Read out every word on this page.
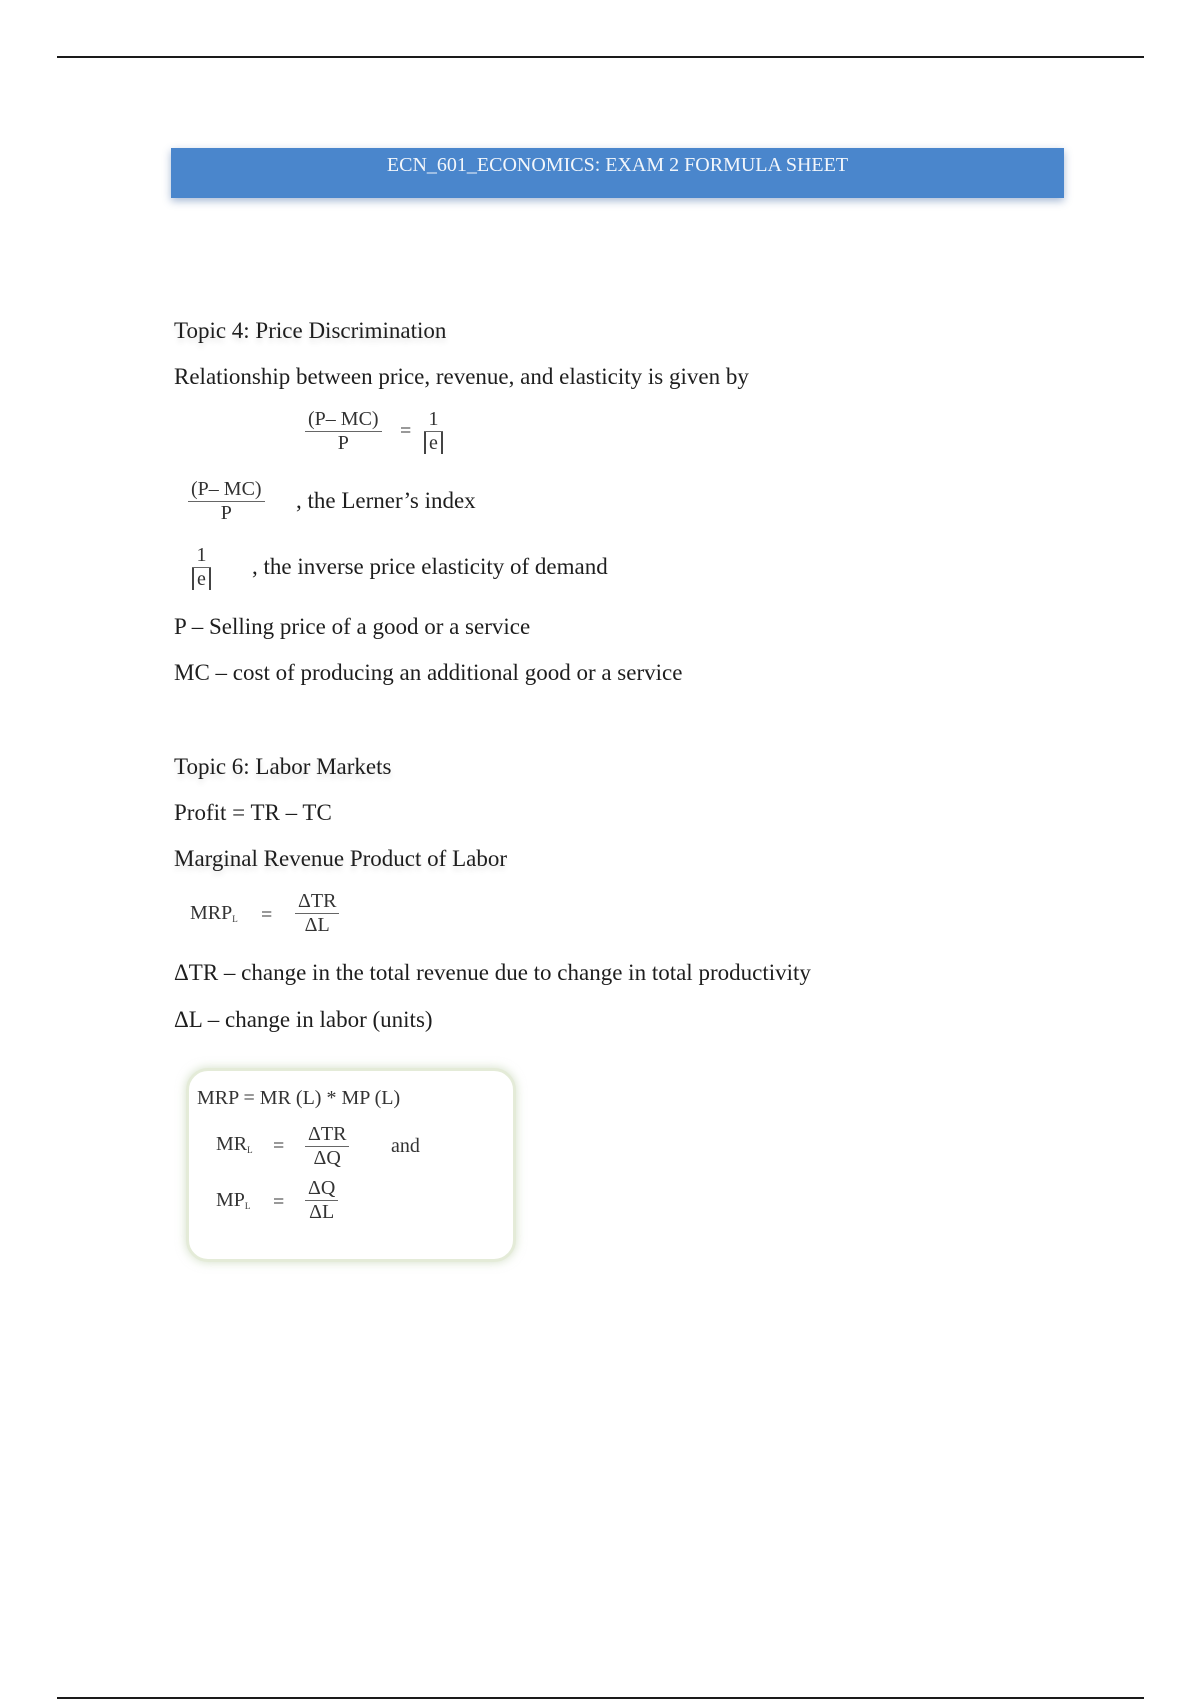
ECN_601_ECONOMICS: EXAM 2 FORMULA SHEET
Topic 4: Price Discrimination
Relationship between price, revenue, and elasticity is given by
(P– MC)
P
=
1
e
(P– MC)
P	, the Lerner’s index
1
e , the inverse price elasticity of demand
P – Selling price of a good or a service
MC – cost of producing an additional good or a service
Topic 6: Labor Markets
Profit = TR – TC
Marginal Revenue Product of Labor
$MRP_L$ =
ΔTR
ΔL
ΔTR – change in the total revenue due to change in total productivity
ΔL – change in labor (units)
MRP = MR (L) * MP (L)
$MR_L$ =
ΔTR
ΔQ
and
$MP_L$ =
ΔQ
ΔL
